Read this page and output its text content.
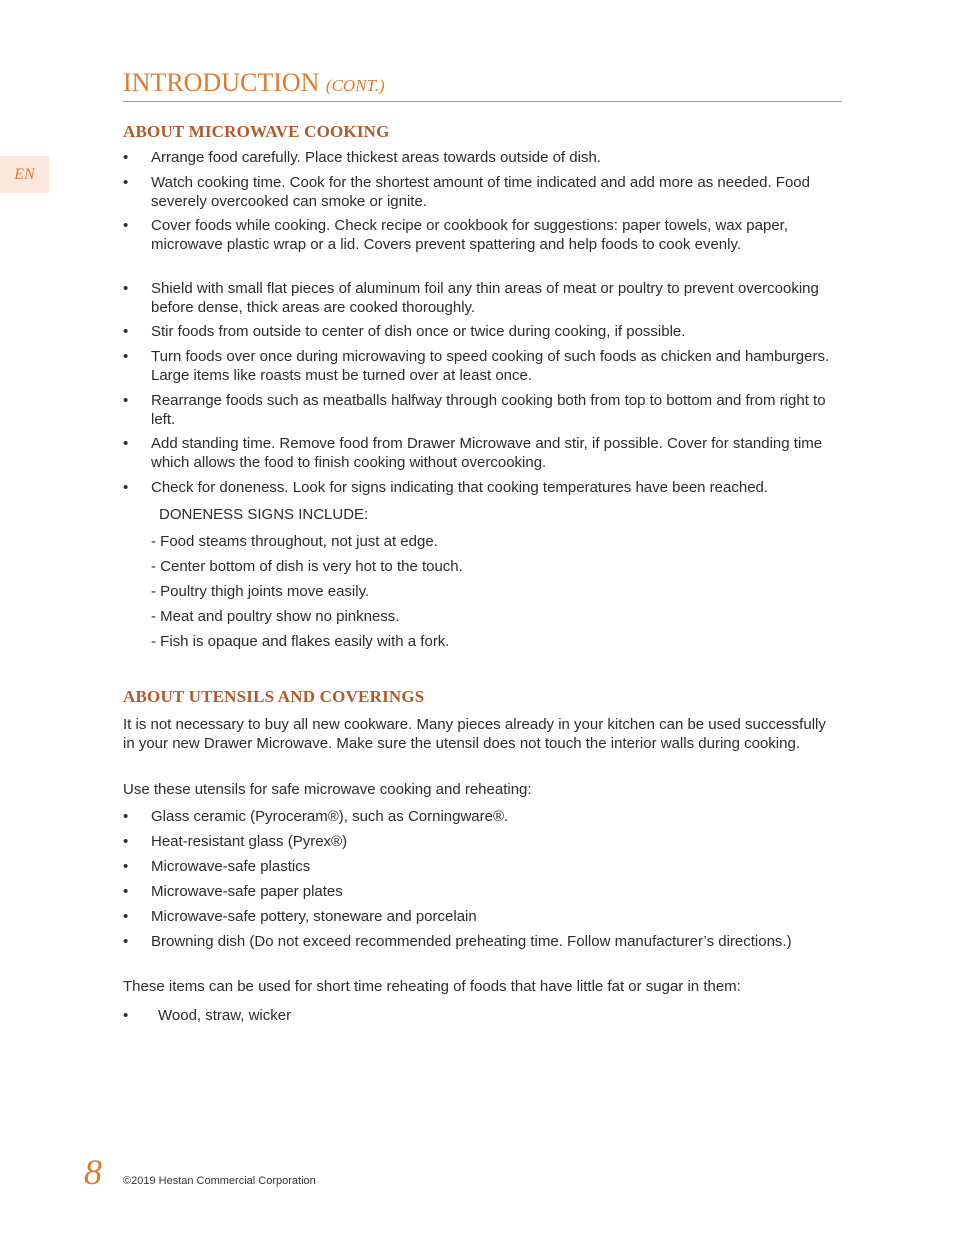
EN
INTRODUCTION (CONT.)
ABOUT MICROWAVE COOKING
•	Arrange food carefully. Place thickest areas towards outside of dish.
•	Watch cooking time. Cook for the shortest amount of time indicated and add more as needed. Food severely overcooked can smoke or ignite.
•	Cover foods while cooking. Check recipe or cookbook for suggestions: paper towels, wax paper, microwave plastic wrap or a lid. Covers prevent spattering and help foods to cook evenly.
•	Shield with small flat pieces of aluminum foil any thin areas of meat or poultry to prevent overcooking before dense, thick areas are cooked thoroughly.
•	Stir foods from outside to center of dish once or twice during cooking, if possible.
•	Turn foods over once during microwaving to speed cooking of such foods as chicken and hamburgers. Large items like roasts must be turned over at least once.
•	Rearrange foods such as meatballs halfway through cooking both from top to bottom and from right to left.
•	Add standing time. Remove food from Drawer Microwave and stir, if possible. Cover for standing time which allows the food to finish cooking without overcooking.
•	Check for doneness. Look for signs indicating that cooking temperatures have been reached.
DONENESS SIGNS INCLUDE:
- Food steams throughout, not just at edge.
- Center bottom of dish is very hot to the touch.
- Poultry thigh joints move easily.
- Meat and poultry show no pinkness.
- Fish is opaque and flakes easily with a fork.
ABOUT UTENSILS AND COVERINGS
It is not necessary to buy all new cookware. Many pieces already in your kitchen can be used successfully in your new Drawer Microwave. Make sure the utensil does not touch the interior walls during cooking.
Use these utensils for safe microwave cooking and reheating:
•	Glass ceramic (Pyroceram®), such as Corningware®.
•	Heat-resistant glass (Pyrex®)
•	Microwave-safe plastics
•	Microwave-safe paper plates
•	Microwave-safe pottery, stoneware and porcelain
•	Browning dish (Do not exceed recommended preheating time. Follow manufacturer’s directions.)
These items can be used for short time reheating of foods that have little fat or sugar in them:
•	Wood, straw, wicker
8 ©2019 Hestan Commercial Corporation
